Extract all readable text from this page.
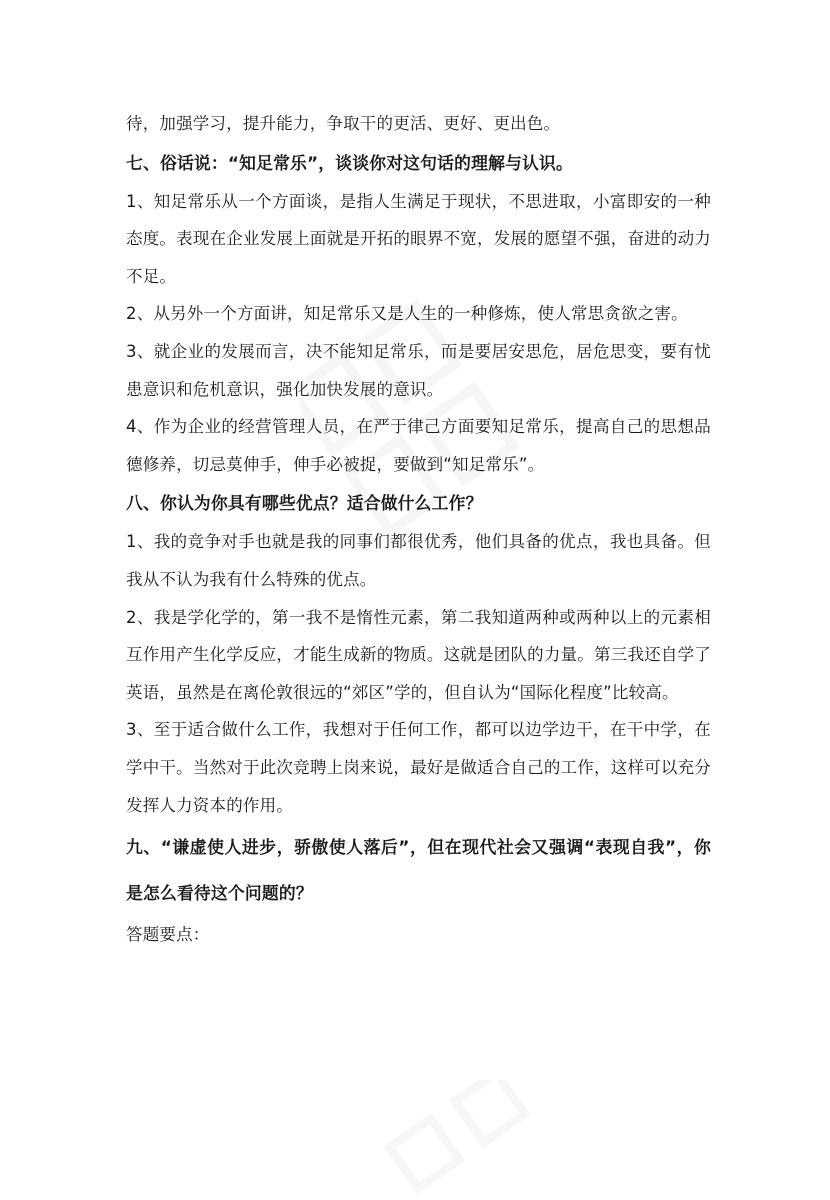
待，加强学习，提升能力，争取干的更活、更好、更出色。

七、俗话说：“知足常乐”，谈谈你对这句话的理解与认识。

1、知足常乐从一个方面谈，是指人生满足于现状，不思进取，小富即安的一种态度。表现在企业发展上面就是开拓的眼界不宽，发展的愿望不强，奋进的动力不足。

2、从另外一个方面讲，知足常乐又是人生的一种修炼，使人常思贪欲之害。

3、就企业的发展而言，决不能知足常乐，而是要居安思危，居危思变，要有忧患意识和危机意识，强化加快发展的意识。

4、作为企业的经营管理人员，在严于律己方面要知足常乐，提高自己的思想品德修养，切忌莫伸手，伸手必被捉，要做到“知足常乐”。

八、你认为你具有哪些优点？适合做什么工作？

1、我的竞争对手也就是我的同事们都很优秀，他们具备的优点，我也具备。但我从不认为我有什么特殊的优点。

2、我是学化学的，第一我不是惰性元素，第二我知道两种或两种以上的元素相互作用产生化学反应，才能生成新的物质。这就是团队的力量。第三我还自学了英语，虽然是在离伦敦很远的“郊区”学的，但自认为“国际化程度”比较高。

3、至于适合做什么工作，我想对于任何工作，都可以边学边干，在干中学，在学中干。当然对于此次竞聘上岗来说，最好是做适合自己的工作，这样可以充分发挥人力资本的作用。

九、“谦虚使人进步，骄傲使人落后”，但在现代社会又强调“表现自我”，你是怎么看待这个问题的？

答题要点：
